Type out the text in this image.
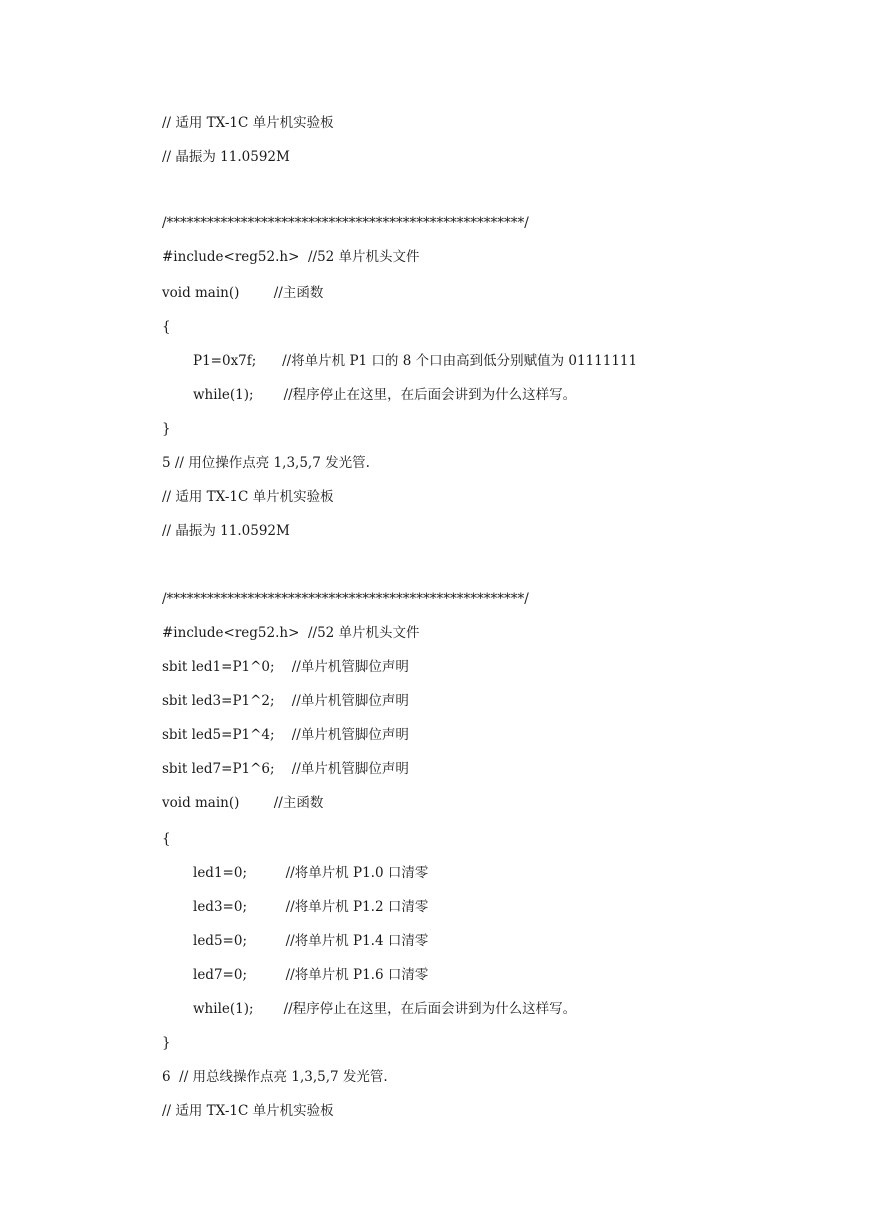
// 适用 TX-1C 单片机实验板
// 晶振为 11.0592M
/*****************************************************/
#include<reg52.h>  //52 单片机头文件
void main()        //主函数
{
P1=0x7f;      //将单片机 P1 口的 8 个口由高到低分别赋值为 01111111
while(1);       //程序停止在这里，在后面会讲到为什么这样写。
}
5 // 用位操作点亮 1,3,5,7 发光管.
// 适用 TX-1C 单片机实验板
// 晶振为 11.0592M
/*****************************************************/
#include<reg52.h>  //52 单片机头文件
sbit led1=P1^0;    //单片机管脚位声明
sbit led3=P1^2;    //单片机管脚位声明
sbit led5=P1^4;    //单片机管脚位声明
sbit led7=P1^6;    //单片机管脚位声明
void main()        //主函数
{
led1=0;         //将单片机 P1.0 口清零
led3=0;         //将单片机 P1.2 口清零
led5=0;         //将单片机 P1.4 口清零
led7=0;         //将单片机 P1.6 口清零
while(1);       //程序停止在这里，在后面会讲到为什么这样写。
}
6  // 用总线操作点亮 1,3,5,7 发光管.
// 适用 TX-1C 单片机实验板
